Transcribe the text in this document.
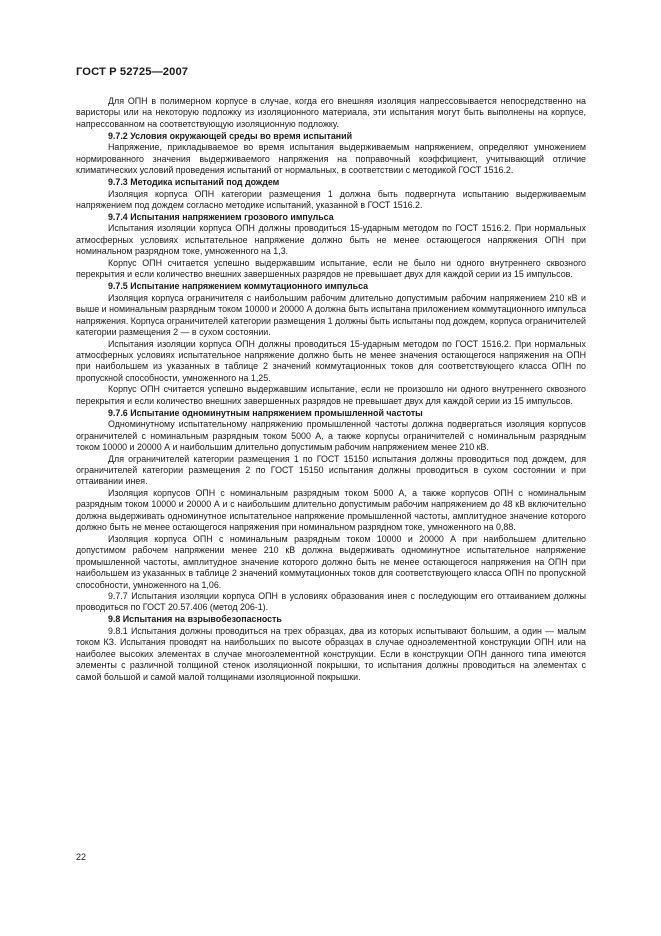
ГОСТ Р 52725—2007

Для ОПН в полимерном корпусе в случае, когда его внешняя изоляция напрессовывается непосредственно на варисторы или на некоторую подложку из изоляционного материала, эти испытания могут быть выполнены на корпусе, напрессованном на соответствующую изоляционную подложку.

9.7.2 Условия окружающей среды во время испытаний

Напряжение, прикладываемое во время испытания выдерживаемым напряжением, определяют умножением нормированного значения выдерживаемого напряжения на поправочный коэффициент, учитывающий отличие климатических условий проведения испытаний от нормальных, в соответствии с методикой ГОСТ 1516.2.

9.7.3 Методика испытаний под дождем

Изоляция корпуса ОПН категории размещения 1 должна быть подвергнута испытанию выдерживаемым напряжением под дождем согласно методике испытаний, указанной в ГОСТ 1516.2.

9.7.4 Испытания напряжением грозового импульса

Испытания изоляции корпуса ОПН должны проводиться 15-ударным методом по ГОСТ 1516.2. При нормальных атмосферных условиях испытательное напряжение должно быть не менее остающегося напряжения ОПН при номинальном разрядном токе, умноженного на 1,3.

Корпус ОПН считается успешно выдержавшим испытание, если не было ни одного внутреннего сквозного перекрытия и если количество внешних завершенных разрядов не превышает двух для каждой серии из 15 импульсов.

9.7.5 Испытание напряжением коммутационного импульса

Изоляция корпуса ограничителя с наибольшим рабочим длительно допустимым рабочим напряжением 210 кВ и выше и номинальным разрядным током 10000 и 20000 А должна быть испытана приложением коммутационного импульса напряжения. Корпуса ограничителей категории размещения 1 должны быть испытаны под дождем, корпуса ограничителей категории размещения 2 — в сухом состоянии.

Испытания изоляции корпуса ОПН должны проводиться 15-ударным методом по ГОСТ 1516.2. При нормальных атмосферных условиях испытательное напряжение должно быть не менее значения остающегося напряжения на ОПН при наибольшем из указанных в таблице 2 значений коммутационных токов для соответствующего класса ОПН по пропускной способности, умноженного на 1,25.

Корпус ОПН считается успешно выдержавшим испытание, если не произошло ни одного внутреннего сквозного перекрытия и если количество внешних завершенных разрядов не превышает двух для каждой серии из 15 импульсов.

9.7.6 Испытание одноминутным напряжением промышленной частоты

Одноминутному испытательному напряжению промышленной частоты должна подвергаться изоляция корпусов ограничителей с номинальным разрядным током 5000 А, а также корпусы ограничителей с номинальным разрядным током 10000 и 20000 А и наибольшим длительно допустимым рабочим напряжением менее 210 кВ.

Для ограничителей категории размещения 1 по ГОСТ 15150 испытания должны проводиться под дождем, для ограничителей категории размещения 2 по ГОСТ 15150 испытания должны проводиться в сухом состоянии и при оттаивании инея.

Изоляция корпусов ОПН с номинальным разрядным током 5000 А, а также корпусов ОПН с номинальным разрядным током 10000 и 20000 А и с наибольшим длительно допустимым рабочим напряжением до 48 кВ включительно должна выдерживать одноминутное испытательное напряжение промышленной частоты, амплитудное значение которого должно быть не менее остающегося напряжения при номинальном разрядном токе, умноженного на 0,88.

Изоляция корпуса ОПН с номинальным разрядным током 10000 и 20000 А при наибольшем длительно допустимом рабочем напряжении менее 210 кВ должна выдерживать одноминутное испытательное напряжение промышленной частоты, амплитудное значение которого должно быть не менее остающегося напряжения на ОПН при наибольшем из указанных в таблице 2 значений коммутационных токов для соответствующего класса ОПН по пропускной способности, умноженного на 1,06.

9.7.7 Испытания изоляции корпуса ОПН в условиях образования инея с последующим его оттаиванием должны проводиться по ГОСТ 20.57.406 (метод 206-1).

9.8 Испытания на взрывобезопасность

9.8.1 Испытания должны проводиться на трех образцах, два из которых испытывают большим, а один — малым током КЗ. Испытания проводят на наибольших по высоте образцах в случае одноэлементной конструкции ОПН или на наиболее высоких элементах в случае многоэлементной конструкции. Если в конструкции ОПН данного типа имеются элементы с различной толщиной стенок изоляционной покрышки, то испытания должны проводиться на элементах с самой большой и самой малой толщинами изоляционной покрышки.

22
